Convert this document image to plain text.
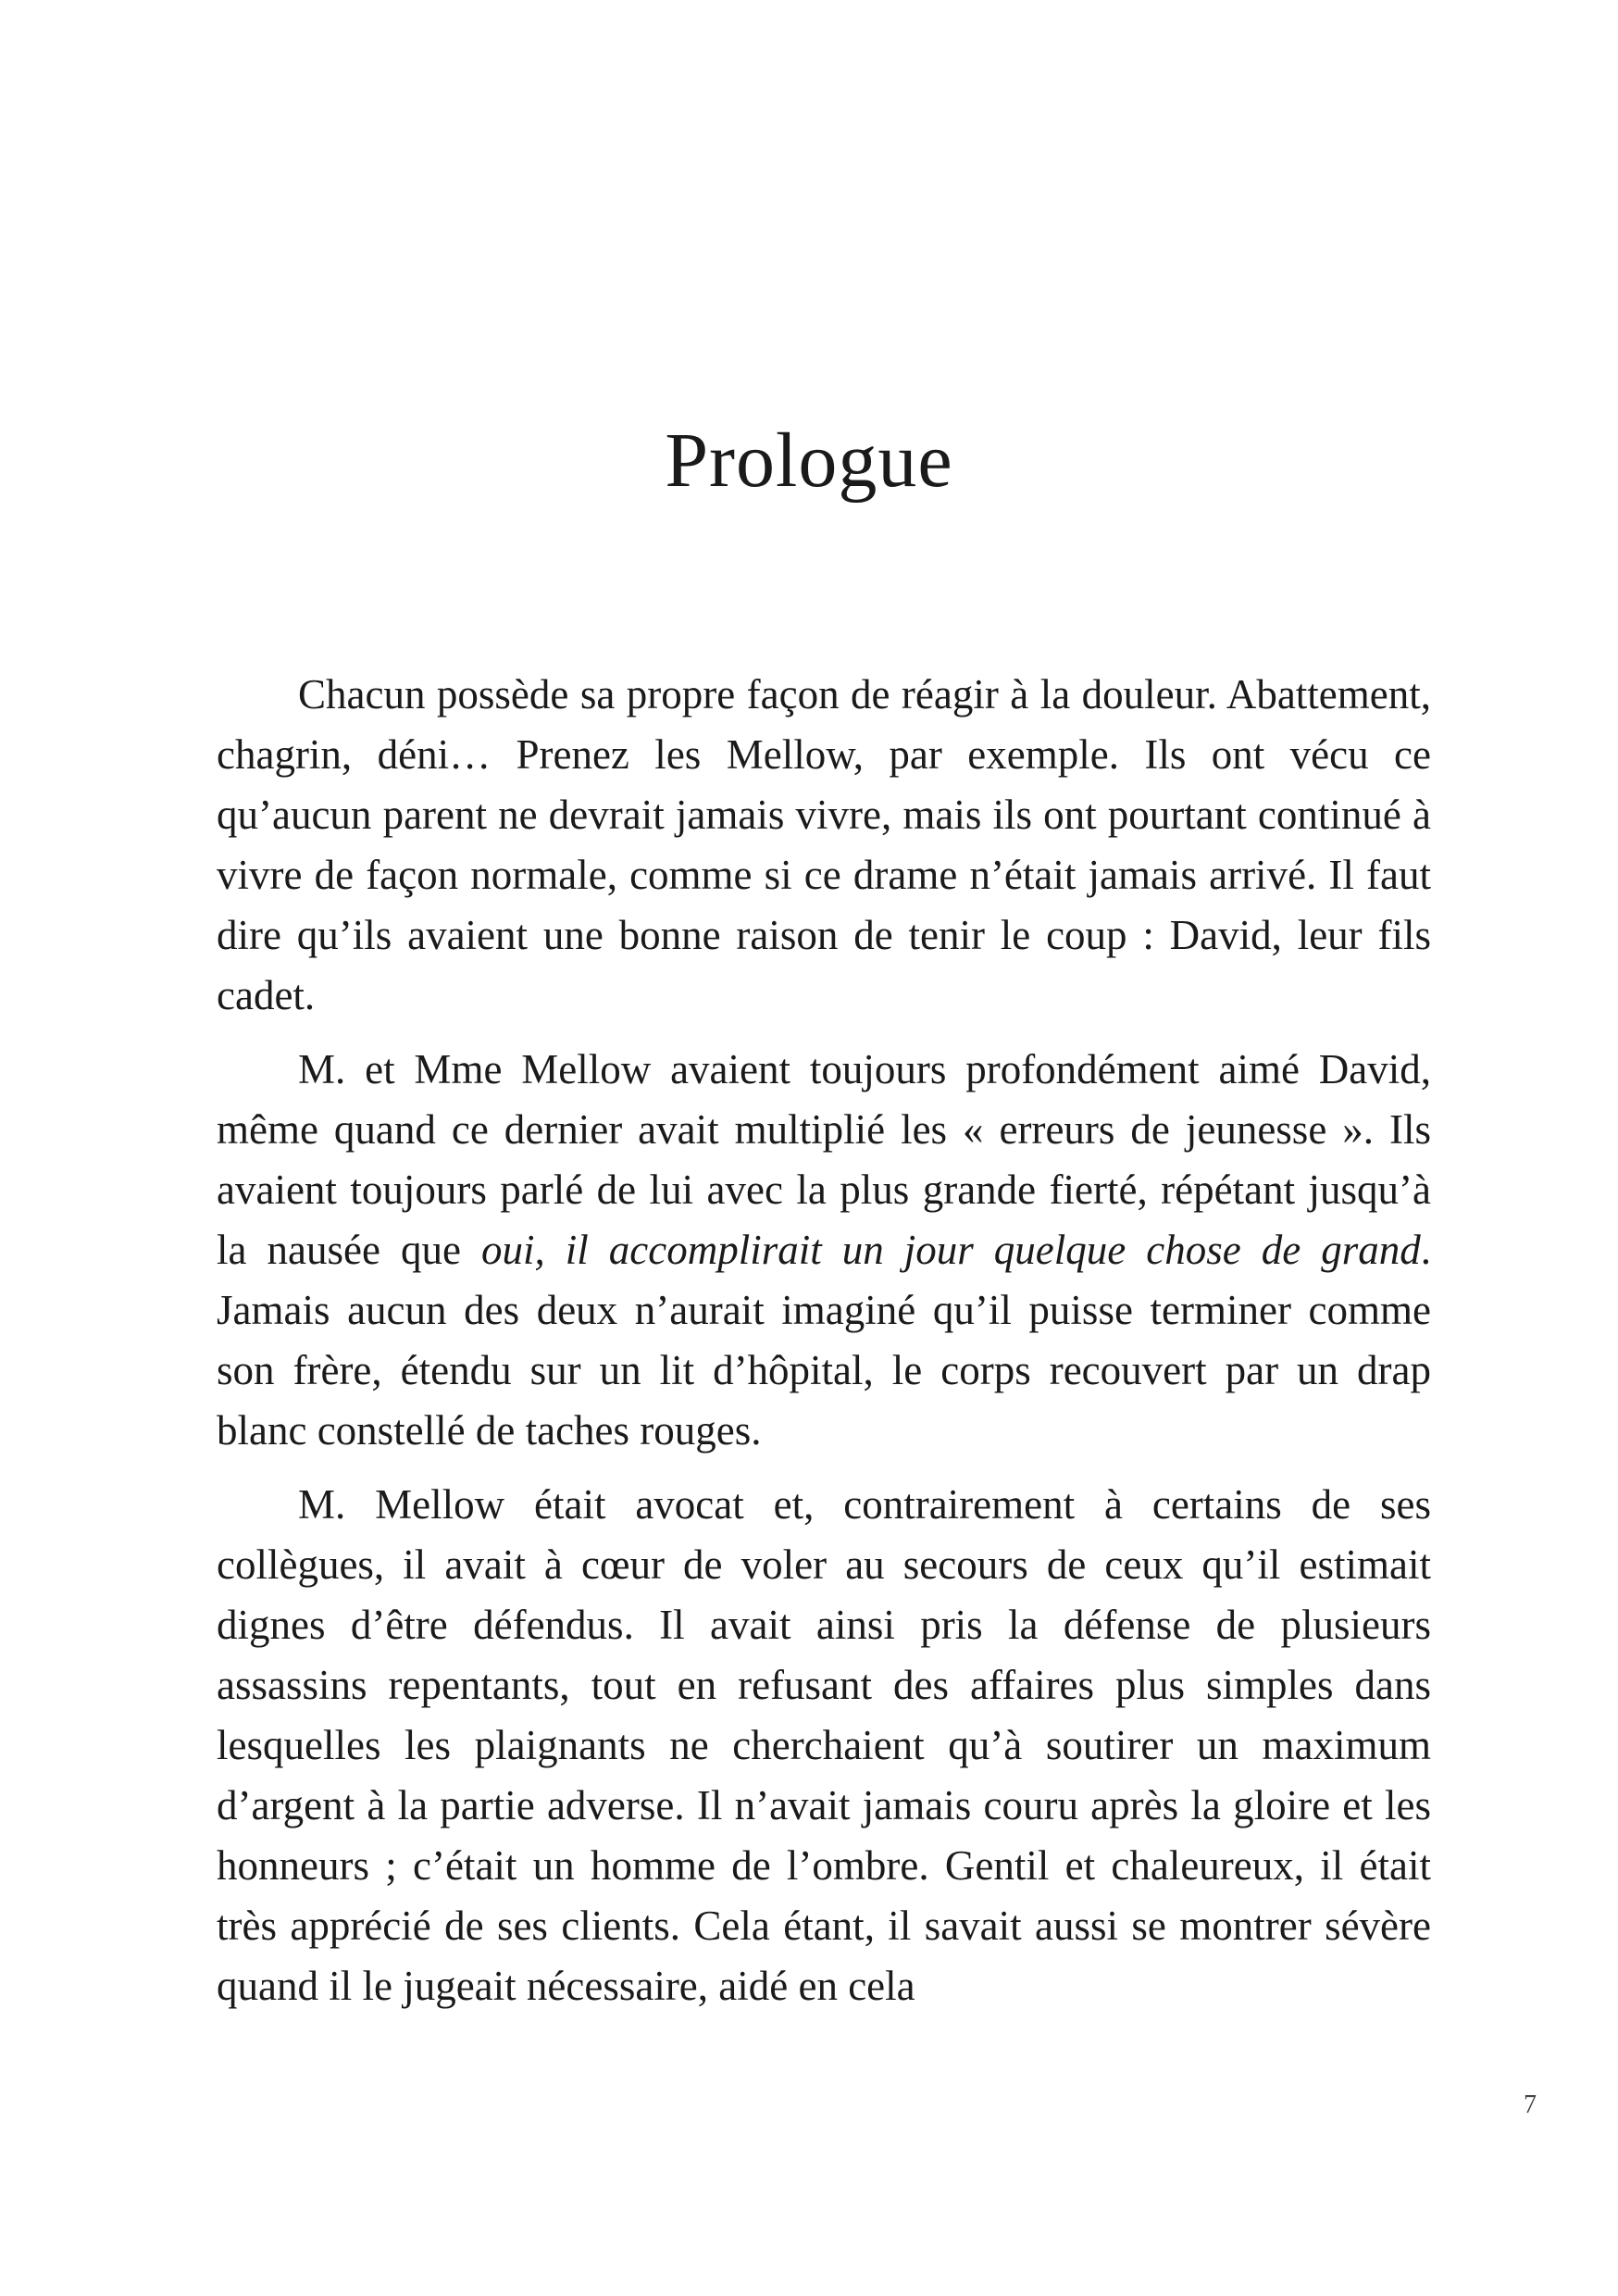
Prologue

Chacun possède sa propre façon de réagir à la douleur. Abattement, chagrin, déni… Prenez les Mellow, par exemple. Ils ont vécu ce qu’aucun parent ne devrait jamais vivre, mais ils ont pourtant continué à vivre de façon normale, comme si ce drame n’était jamais arrivé. Il faut dire qu’ils avaient une bonne raison de tenir le coup : David, leur fils cadet.

M. et Mme Mellow avaient toujours profondément aimé David, même quand ce dernier avait multiplié les « erreurs de jeunesse ». Ils avaient toujours parlé de lui avec la plus grande fierté, répétant jusqu’à la nausée que oui, il accomplirait un jour quelque chose de grand. Jamais aucun des deux n’aurait imaginé qu’il puisse terminer comme son frère, étendu sur un lit d’hôpital, le corps recouvert par un drap blanc constellé de taches rouges.

M. Mellow était avocat et, contrairement à certains de ses collègues, il avait à cœur de voler au secours de ceux qu’il estimait dignes d’être défendus. Il avait ainsi pris la défense de plusieurs assassins repentants, tout en refusant des affaires plus simples dans lesquelles les plaignants ne cherchaient qu’à soutirer un maximum d’argent à la partie adverse. Il n’avait jamais couru après la gloire et les honneurs ; c’était un homme de l’ombre. Gentil et chaleureux, il était très apprécié de ses clients. Cela étant, il savait aussi se montrer sévère quand il le jugeait nécessaire, aidé en cela

7
